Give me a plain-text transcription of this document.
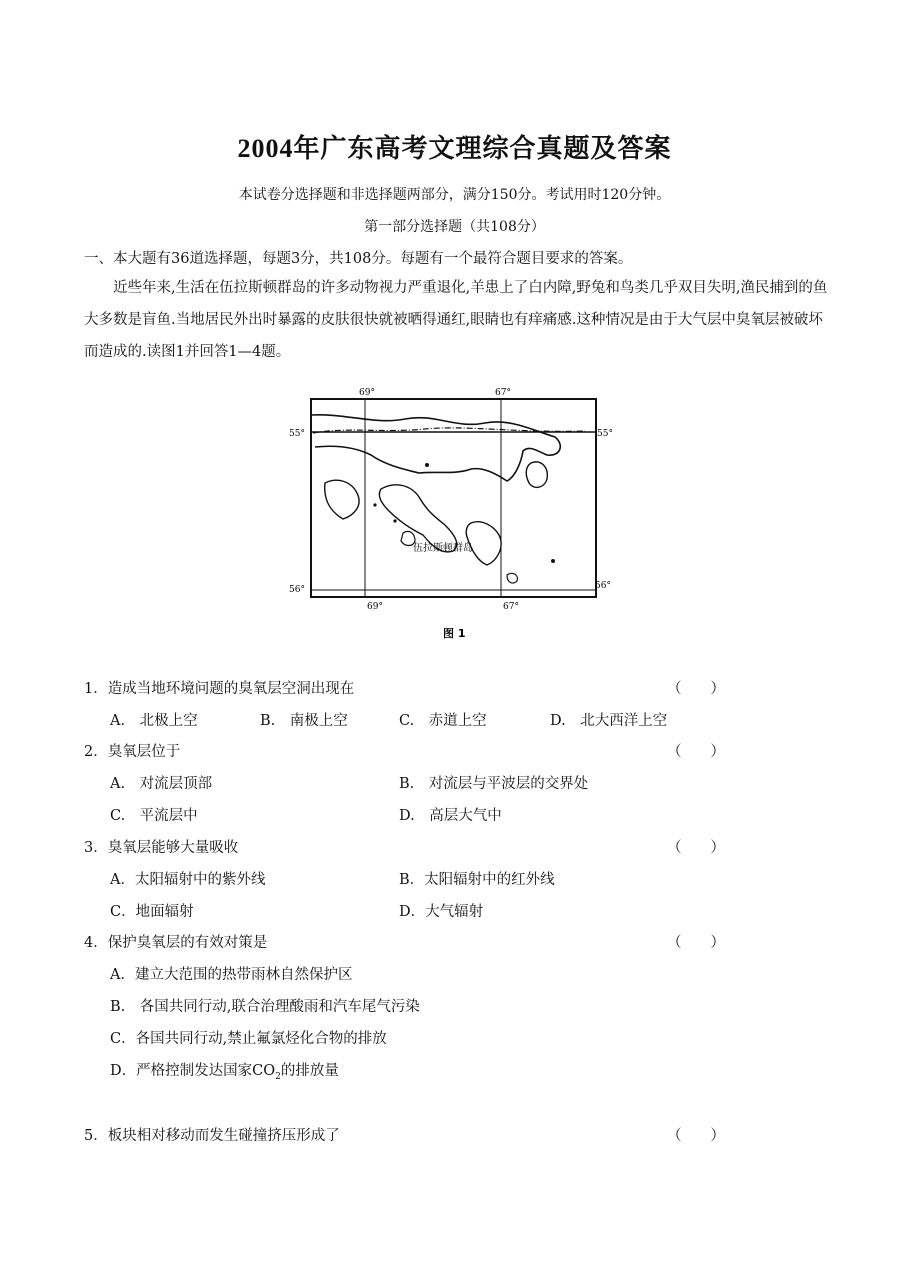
2004年广东高考文理综合真题及答案
本试卷分选择题和非选择题两部分，满分150分。考试用时120分钟。
第一部分选择题（共108分）
一、本大题有36道选择题，每题3分，共108分。每题有一个最符合题目要求的答案。
近些年来,生活在伍拉斯顿群岛的许多动物视力严重退化,羊患上了白内障,野兔和鸟类几乎双目失明,渔民捕到的鱼大多数是盲鱼.当地居民外出时暴露的皮肤很快就被晒得通红,眼睛也有痒痛感.这种情况是由于大气层中臭氧层被破坏而造成的.读图1并回答1—4题。
69°	67°
69°	67°
55°	55°
56°	56°
伍拉斯顿群岛
图 1
1．造成当地环境问题的臭氧层空洞出现在	（　　）
A.　北极上空	B.　南极上空	C.　赤道上空	D.　北大西洋上空
2．臭氧层位于	（　　）
A.　对流层顶部	B.　对流层与平波层的交界处
C.　平流层中	D.　高层大气中
3．臭氧层能够大量吸收	（　　）
A．太阳辐射中的紫外线	B．太阳辐射中的红外线
C．地面辐射	D．大气辐射
4．保护臭氧层的有效对策是	（　　）
A．建立大范围的热带雨林自然保护区
B.　各国共同行动,联合治理酸雨和汽车尾气污染
C．各国共同行动,禁止氟氯烃化合物的排放
D．严格控制发达国家$CO_2$的排放量
5．板块相对移动而发生碰撞挤压形成了	（　　）
